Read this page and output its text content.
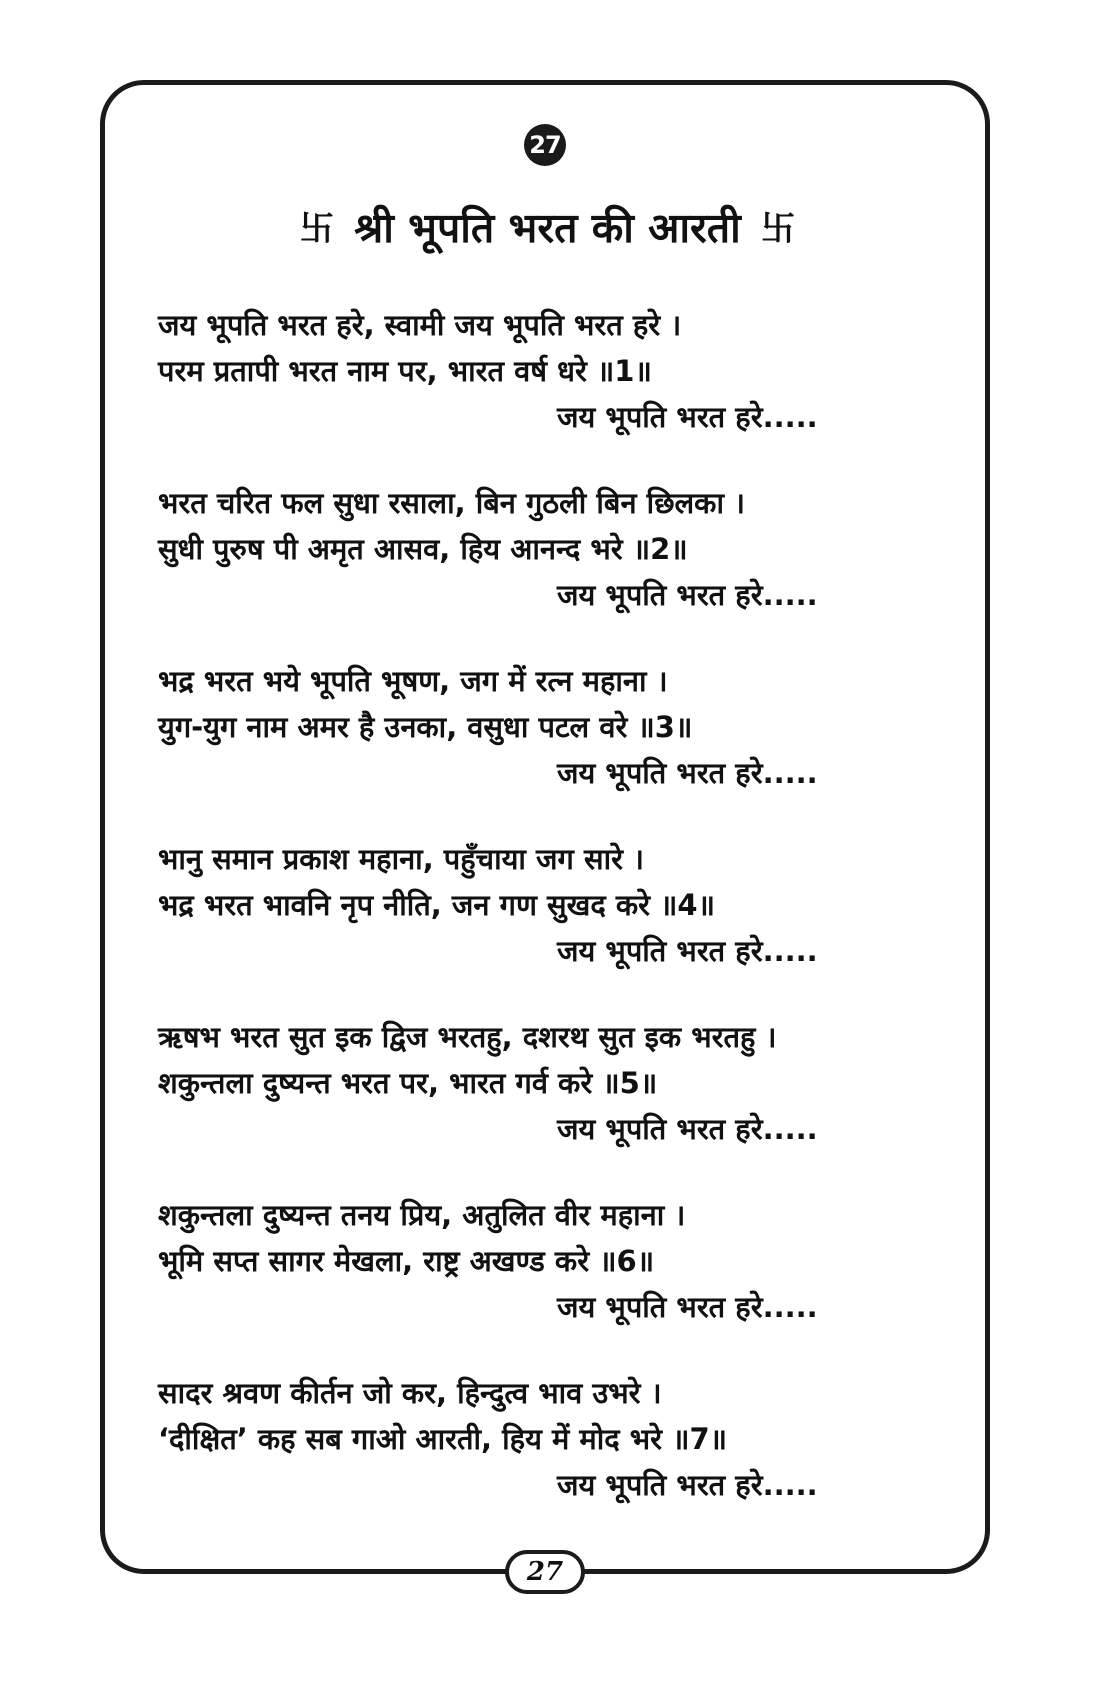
27
卐 श्री भूपति भरत की आरती 卐
जय भूपति भरत हरे, स्वामी जय भूपति भरत हरे ।
परम प्रतापी भरत नाम पर, भारत वर्ष धरे ॥1॥
जय भूपति भरत हरे.....
भरत चरित फल सुधा रसाला, बिन गुठली बिन छिलका ।
सुधी पुरुष पी अमृत आसव, हिय आनन्द भरे ॥2॥
जय भूपति भरत हरे.....
भद्र भरत भये भूपति भूषण, जग में रत्न महाना ।
युग-युग नाम अमर है उनका, वसुधा पटल वरे ॥3॥
जय भूपति भरत हरे.....
भानु समान प्रकाश महाना, पहुँचाया जग सारे ।
भद्र भरत भावनि नृप नीति, जन गण सुखद करे ॥4॥
जय भूपति भरत हरे.....
ऋषभ भरत सुत इक द्विज भरतहु, दशरथ सुत इक भरतहु ।
शकुन्तला दुष्यन्त भरत पर, भारत गर्व करे ॥5॥
जय भूपति भरत हरे.....
शकुन्तला दुष्यन्त तनय प्रिय, अतुलित वीर महाना ।
भूमि सप्त सागर मेखला, राष्ट्र अखण्ड करे ॥6॥
जय भूपति भरत हरे.....
सादर श्रवण कीर्तन जो कर, हिन्दुत्व भाव उभरे ।
‘दीक्षित’ कह सब गाओ आरती, हिय में मोद भरे ॥7॥
जय भूपति भरत हरे.....
27
